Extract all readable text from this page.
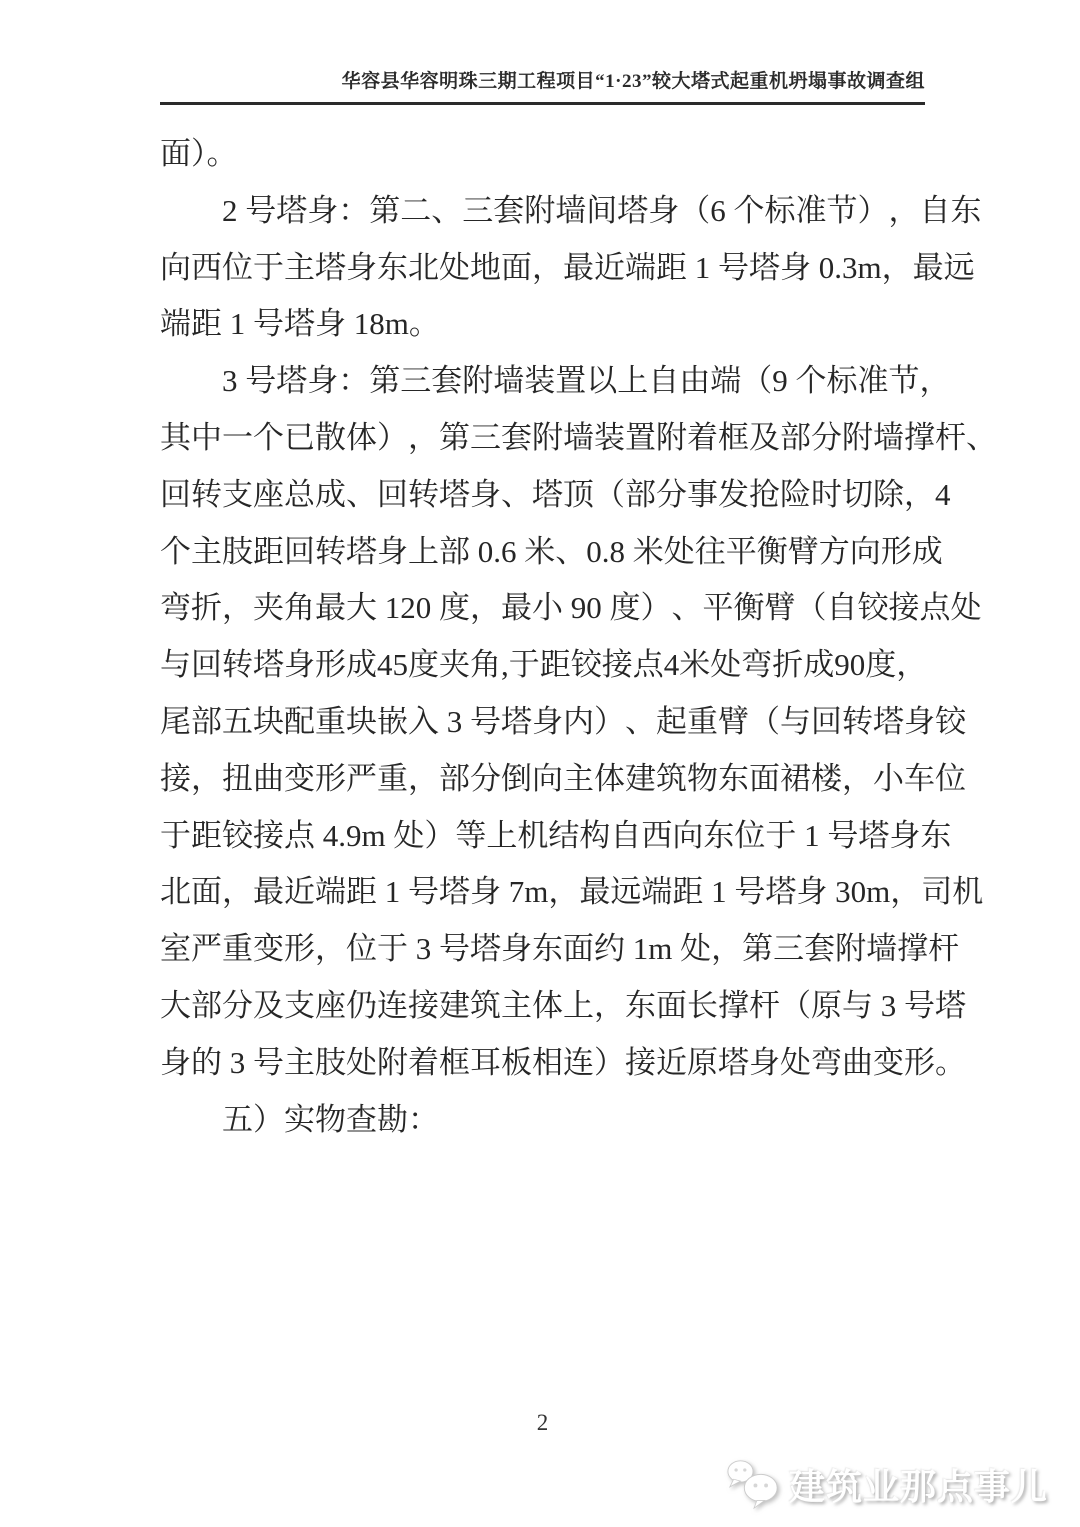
华容县华容明珠三期工程项目“1·23”较大塔式起重机坍塌事故调查组
面）。
2
号 塔 身 ： 第 二 、 三 套 附 墙 间 塔 身 （ 6
个 标 准 节 ） ， 自 东
向 西 位 于 主 塔 身 东 北 处 地 面 ， 最 近 端 距
1
号 塔 身
0 . 3 m ， 最 远
端距 1 号塔身 18m。
3
号 塔 身 ： 第 三 套 附 墙 装 置 以 上 自 由 端 （ 9
个 标 准 节 ，
其 中 一 个 已 散 体 ） ， 第 三 套 附 墙 装 置 附 着 框 及 部 分 附 墙 撑 杆 、
回 转 支 座 总 成 、 回 转 塔 身 、 塔 顶 （ 部 分 事 发 抢 险 时 切 除 ， 4
个 主 肢 距 回 转 塔 身 上 部
0 . 6
米 、 0 . 8
米 处 往 平 衡 臂 方 向 形 成
弯 折 ， 夹 角 最 大
1 2 0
度 ， 最 小
9 0
度 ） 、 平 衡 臂 （ 自 铰 接 点 处
与 回 转 塔 身 形 成 4 5 度 夹 角 , 于 距 铰 接 点 4 米 处 弯 折 成 9 0 度 ，
尾 部 五 块 配 重 块 嵌 入
3
号 塔 身 内 ） 、 起 重 臂 （ 与 回 转 塔 身 铰
接 ， 扭 曲 变 形 严 重 ， 部 分 倒 向 主 体 建 筑 物 东 面 裙 楼 ， 小 车 位
于 距 铰 接 点
4 . 9 m
处 ） 等 上 机 结 构 自 西 向 东 位 于
1
号 塔 身 东
北 面 ， 最 近 端 距
1
号 塔 身
7 m ， 最 远 端 距
1
号 塔 身
3 0 m ， 司 机
室 严 重 变 形 ， 位 于
3
号 塔 身 东 面 约
1 m
处 ， 第 三 套 附 墙 撑 杆
大 部 分 及 支 座 仍 连 接 建 筑 主 体 上 ， 东 面 长 撑 杆 （ 原 与
3
号 塔
身 的
3
号 主 肢 处 附 着 框 耳 板 相 连 ） 接 近 原 塔 身 处 弯 曲 变 形 。
五）实物查勘：
2
建筑业那点事儿
